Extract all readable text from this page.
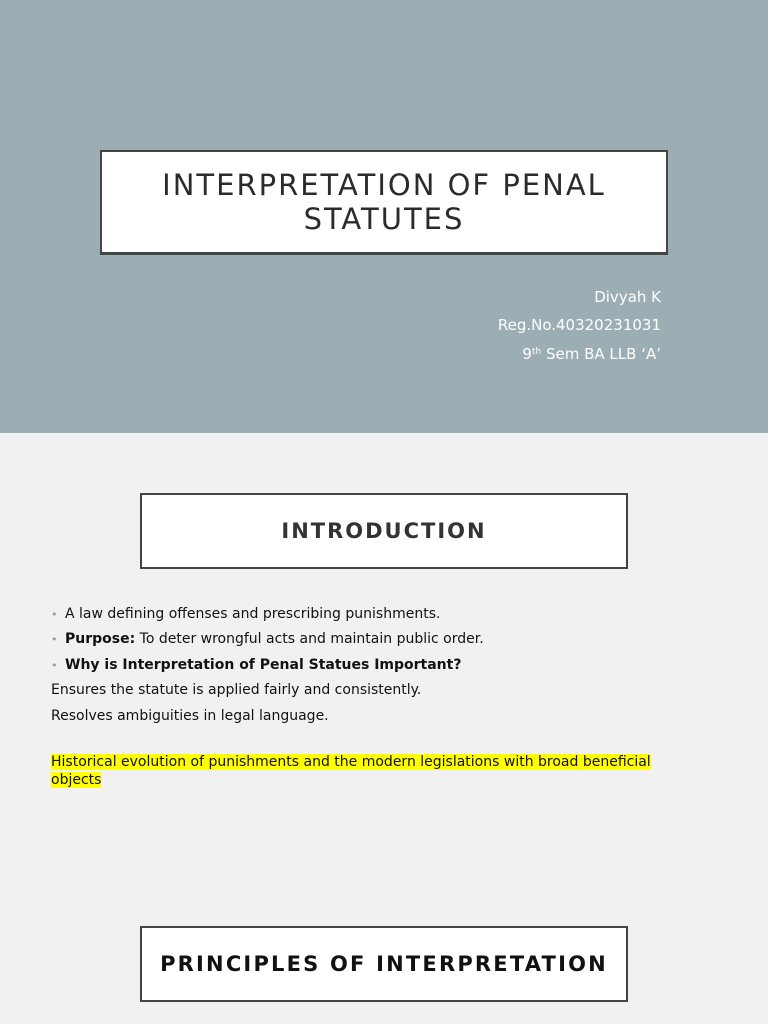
INTERPRETATION OF PENAL STATUTES
Divyah K
Reg.No.40320231031
9th Sem BA LLB ‘A’
INTRODUCTION
• A law defining offenses and prescribing punishments.
• Purpose: To deter wrongful acts and maintain public order.
• Why is Interpretation of Penal Statues Important?
Ensures the statute is applied fairly and consistently.
Resolves ambiguities in legal language.

Historical evolution of punishments and the modern legislations with broad beneficial objects

PRINCIPLES OF INTERPRETATION
